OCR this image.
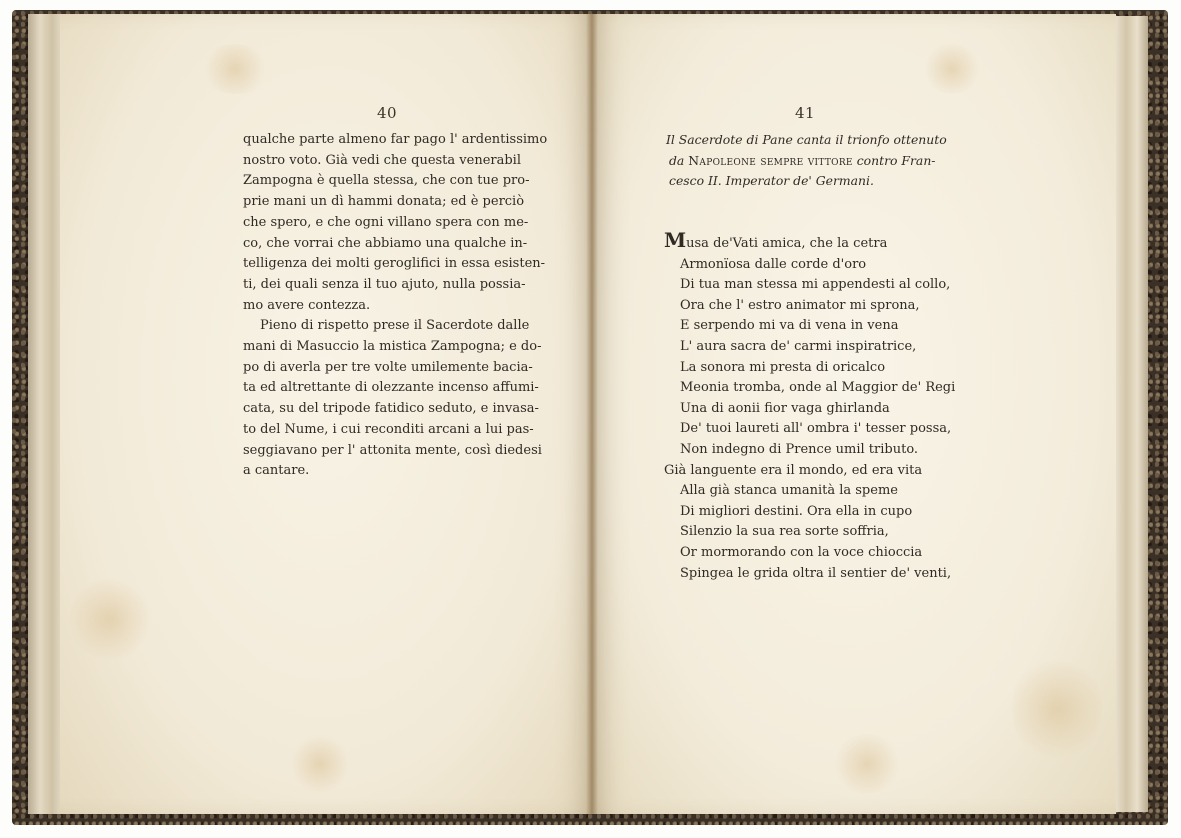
40
qualche parte almeno far pago l' ardentissimo
nostro voto. Già vedi che questa venerabil
Zampogna è quella stessa, che con tue pro-
prie mani un dì hammi donata; ed è perciò
che spero, e che ogni villano spera con me-
co, che vorrai che abbiamo una qualche in-
telligenza dei molti geroglifici in essa esisten-
ti, dei quali senza il tuo ajuto, nulla possia-
mo avere contezza.
Pieno di rispetto prese il Sacerdote dalle
mani di Masuccio la mistica Zampogna; e do-
po di averla per tre volte umilemente bacia-
ta ed altrettante di olezzante incenso affumi-
cata, su del tripode fatidico seduto, e invasa-
to del Nume, i cui reconditi arcani a lui pas-
seggiavano per l' attonita mente, così diedesi
a cantare.
41
Il Sacerdote di Pane canta il trionfo ottenuto
da Napoleone sempre vittore contro Fran-
cesco II. Imperator de' Germani.
Musa de'Vati amica, che la cetra
Armonïosa dalle corde d'oro
Di tua man stessa mi appendesti al collo,
Ora che l' estro animator mi sprona,
E serpendo mi va di vena in vena
L' aura sacra de' carmi inspiratrice,
La sonora mi presta di oricalco
Meonia tromba, onde al Maggior de' Regi
Una di aonii fior vaga ghirlanda
De' tuoi laureti all' ombra i' tesser possa,
Non indegno di Prence umil tributo.
Già languente era il mondo, ed era vita
Alla già stanca umanità la speme
Di migliori destini. Ora ella in cupo
Silenzio la sua rea sorte soffria,
Or mormorando con la voce chioccia
Spingea le grida oltra il sentier de' venti,
